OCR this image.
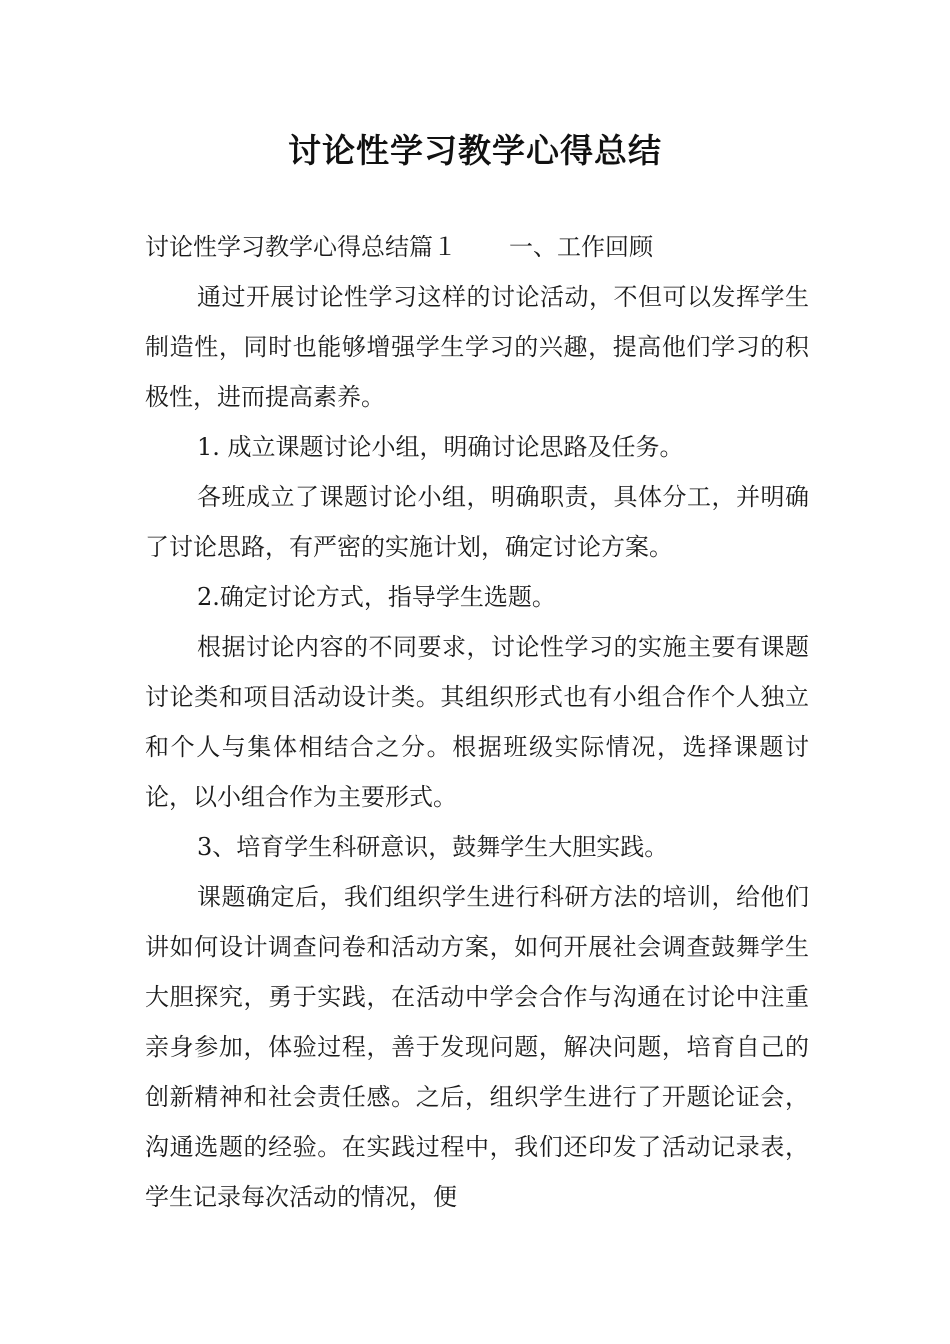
讨论性学习教学心得总结

讨论性学习教学心得总结篇１ 一、工作回顾

通过开展讨论性学习这样的讨论活动，不但可以发挥学生制造性，同时也能够增强学生学习的兴趣，提高他们学习的积极性，进而提高素养。

1. 成立课题讨论小组，明确讨论思路及任务。

各班成立了课题讨论小组，明确职责，具体分工，并明确了讨论思路，有严密的实施计划，确定讨论方案。

2.确定讨论方式，指导学生选题。

根据讨论内容的不同要求，讨论性学习的实施主要有课题讨论类和项目活动设计类。其组织形式也有小组合作个人独立和个人与集体相结合之分。根据班级实际情况，选择课题讨论，以小组合作为主要形式。

3、培育学生科研意识，鼓舞学生大胆实践。

课题确定后，我们组织学生进行科研方法的培训，给他们讲如何设计调查问卷和活动方案，如何开展社会调查鼓舞学生大胆探究，勇于实践，在活动中学会合作与沟通在讨论中注重亲身参加，体验过程，善于发现问题，解决问题，培育自己的创新精神和社会责任感。之后，组织学生进行了开题论证会，沟通选题的经验。在实践过程中，我们还印发了活动记录表，学生记录每次活动的情况，便
